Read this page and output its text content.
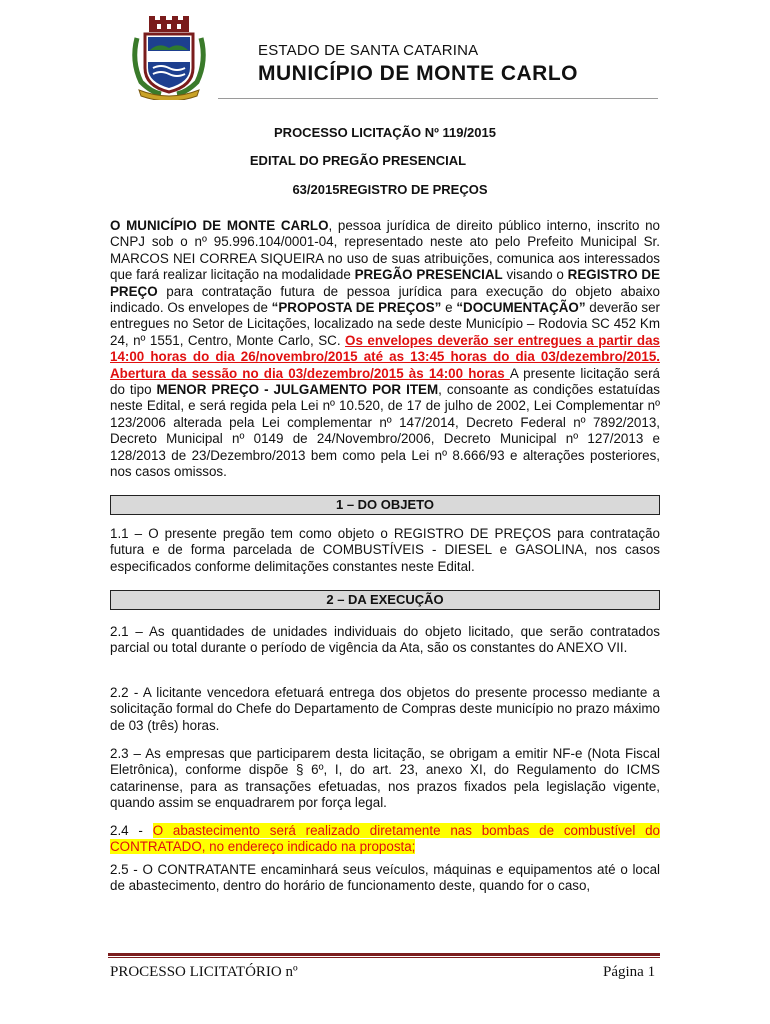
ESTADO DE SANTA CATARINA
MUNICÍPIO DE MONTE CARLO
PROCESSO LICITAÇÃO Nº 119/2015
EDITAL DO PREGÃO PRESENCIAL
63/2015REGISTRO DE PREÇOS
O MUNICÍPIO DE MONTE CARLO, pessoa jurídica de direito público interno, inscrito no CNPJ sob o nº 95.996.104/0001-04, representado neste ato pelo Prefeito Municipal Sr. MARCOS NEI CORREA SIQUEIRA no uso de suas atribuições, comunica aos interessados que fará realizar licitação na modalidade PREGÃO PRESENCIAL visando o REGISTRO DE PREÇO para contratação futura de pessoa jurídica para execução do objeto abaixo indicado. Os envelopes de “PROPOSTA DE PREÇOS” e “DOCUMENTAÇÃO” deverão ser entregues no Setor de Licitações, localizado na sede deste Município – Rodovia SC 452 Km 24, nº 1551, Centro, Monte Carlo, SC. Os envelopes deverão ser entregues a partir das 14:00 horas do dia 26/novembro/2015 até as 13:45 horas do dia 03/dezembro/2015. Abertura da sessão no dia 03/dezembro/2015 às 14:00 horas A presente licitação será do tipo MENOR PREÇO - JULGAMENTO POR ITEM, consoante as condições estatuídas neste Edital, e será regida pela Lei nº 10.520, de 17 de julho de 2002, Lei Complementar nº 123/2006 alterada pela Lei complementar nº 147/2014, Decreto Federal nº 7892/2013, Decreto Municipal nº 0149 de 24/Novembro/2006, Decreto Municipal nº 127/2013 e 128/2013 de 23/Dezembro/2013 bem como pela Lei nº 8.666/93 e alterações posteriores, nos casos omissos.
1 – DO OBJETO
1.1 – O presente pregão tem como objeto o REGISTRO DE PREÇOS para contratação futura e de forma parcelada de COMBUSTÍVEIS - DIESEL e GASOLINA, nos casos especificados conforme delimitações constantes neste Edital.
2 – DA EXECUÇÃO
2.1 – As quantidades de unidades individuais do objeto licitado, que serão contratados parcial ou total durante o período de vigência da Ata, são os constantes do ANEXO VII.
2.2 - A licitante vencedora efetuará entrega dos objetos do presente processo mediante a solicitação formal do Chefe do Departamento de Compras deste município no prazo máximo de 03 (três) horas.
2.3 – As empresas que participarem desta licitação, se obrigam a emitir NF-e (Nota Fiscal Eletrônica), conforme dispõe § 6º, I, do art. 23, anexo XI, do Regulamento do ICMS catarinense, para as transações efetuadas, nos prazos fixados pela legislação vigente, quando assim se enquadrarem por força legal.
2.4 - O abastecimento será realizado diretamente nas bombas de combustível do CONTRATADO, no endereço indicado na proposta;
2.5 - O CONTRATANTE encaminhará seus veículos, máquinas e equipamentos até o local de abastecimento, dentro do horário de funcionamento deste, quando for o caso,
PROCESSO LICITATÓRIO nº	Página 1
